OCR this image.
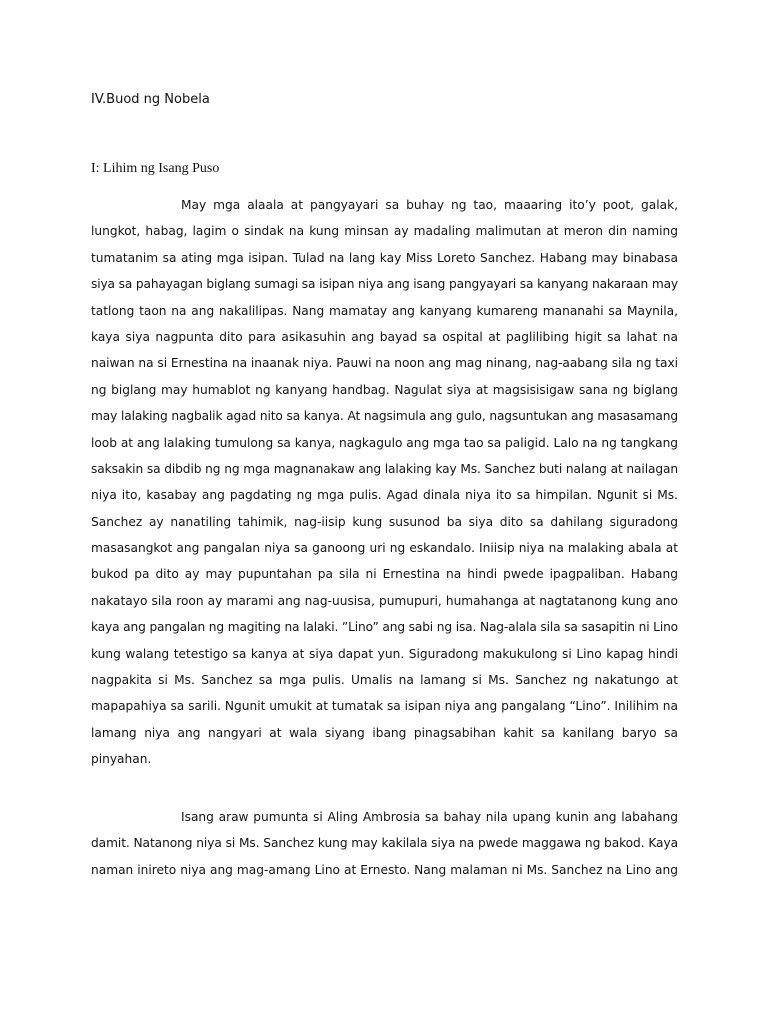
IV.Buod ng Nobela
I: Lihim ng Isang Puso
May mga alaala at pangyayari sa buhay ng tao, maaaring ito’y poot, galak,
lungkot, habag, lagim o sindak na kung minsan ay madaling malimutan at meron din naming
tumatanim sa ating mga isipan. Tulad na lang kay Miss Loreto Sanchez. Habang may binabasa
siya sa pahayagan biglang sumagi sa isipan niya ang isang pangyayari sa kanyang nakaraan may
tatlong taon na ang nakalilipas. Nang mamatay ang kanyang kumareng mananahi sa Maynila,
kaya siya nagpunta dito para asikasuhin ang bayad sa ospital at paglilibing higit sa lahat na
naiwan na si Ernestina na inaanak niya. Pauwi na noon ang mag ninang, nag-aabang sila ng taxi
ng biglang may humablot ng kanyang handbag. Nagulat siya at magsisisigaw sana ng biglang
may lalaking nagbalik agad nito sa kanya. At nagsimula ang gulo, nagsuntukan ang masasamang
loob at ang lalaking tumulong sa kanya, nagkagulo ang mga tao sa paligid. Lalo na ng tangkang
saksakin sa dibdib ng ng mga magnanakaw ang lalaking kay Ms. Sanchez buti nalang at nailagan
niya ito, kasabay ang pagdating ng mga pulis. Agad dinala niya ito sa himpilan. Ngunit si Ms.
Sanchez ay nanatiling tahimik, nag-iisip kung susunod ba siya dito sa dahilang siguradong
masasangkot ang pangalan niya sa ganoong uri ng eskandalo. Iniisip niya na malaking abala at
bukod pa dito ay may pupuntahan pa sila ni Ernestina na hindi pwede ipagpaliban. Habang
nakatayo sila roon ay marami ang nag-uusisa, pumupuri, humahanga at nagtatanong kung ano
kaya ang pangalan ng magiting na lalaki. ”Lino” ang sabi ng isa. Nag-alala sila sa sasapitin ni Lino
kung walang tetestigo sa kanya at siya dapat yun. Siguradong makukulong si Lino kapag hindi
nagpakita si Ms. Sanchez sa mga pulis. Umalis na lamang si Ms. Sanchez ng nakatungo at
mapapahiya sa sarili. Ngunit umukit at tumatak sa isipan niya ang pangalang “Lino”. Inilihim na
lamang niya ang nangyari at wala siyang ibang pinagsabihan kahit sa kanilang baryo sa
pinyahan.
Isang araw pumunta si Aling Ambrosia sa bahay nila upang kunin ang labahang
damit. Natanong niya si Ms. Sanchez kung may kakilala siya na pwede maggawa ng bakod. Kaya
naman inireto niya ang mag-amang Lino at Ernesto. Nang malaman ni Ms. Sanchez na Lino ang
